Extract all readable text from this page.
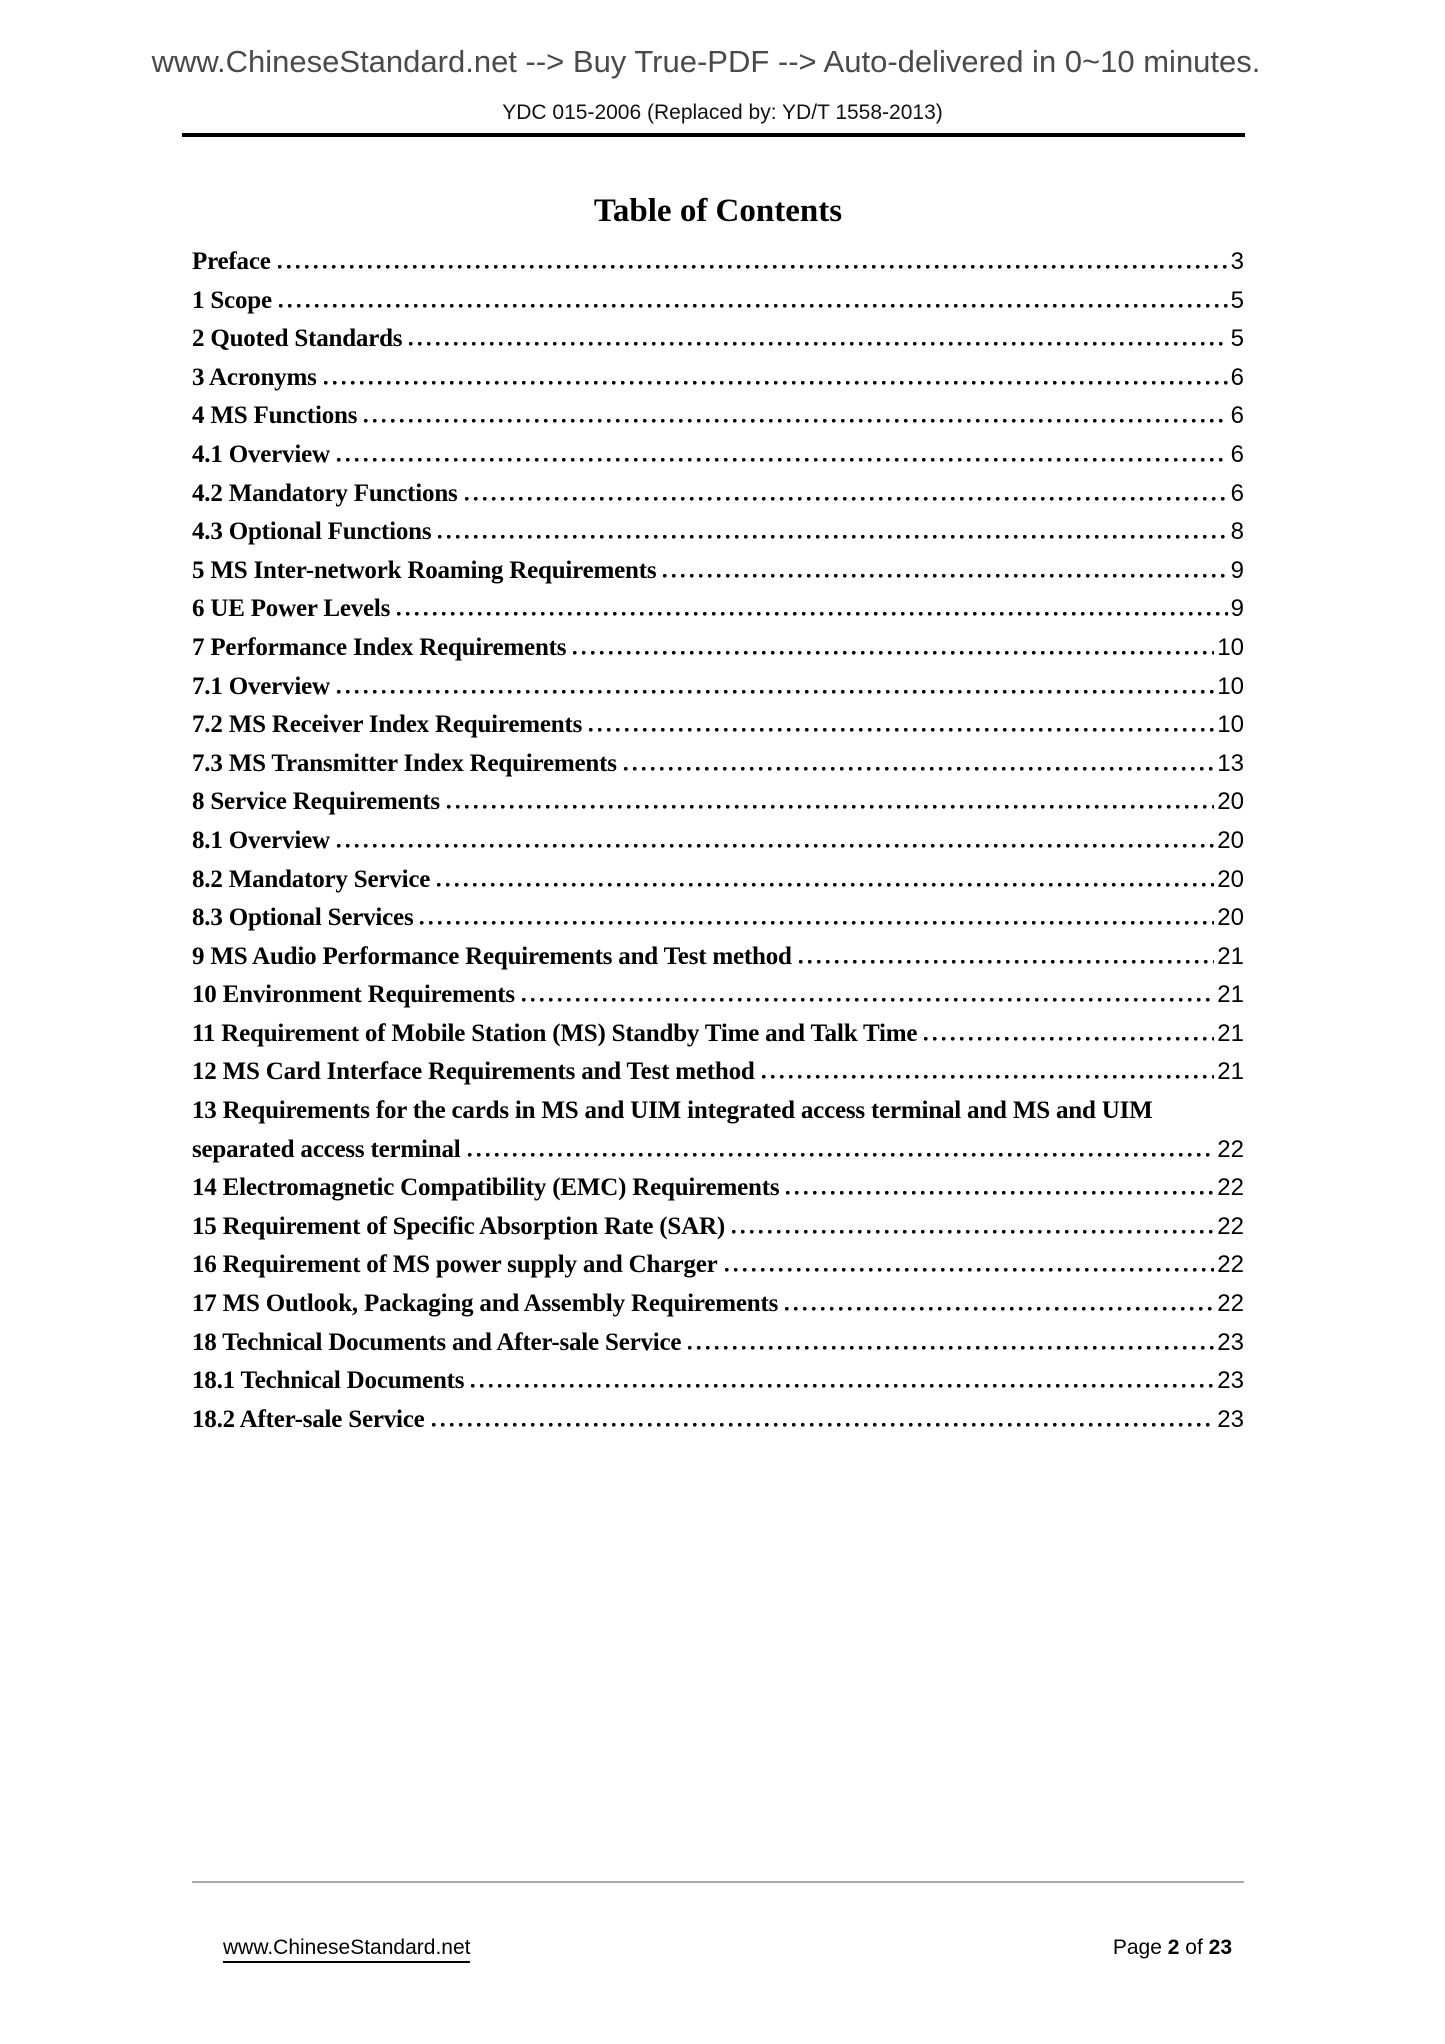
www.ChineseStandard.net --> Buy True-PDF --> Auto-delivered in 0~10 minutes.
YDC 015-2006 (Replaced by: YD/T 1558-2013)
Table of Contents
Preface	3
1 Scope	5
2 Quoted Standards	5
3 Acronyms	6
4 MS Functions	6
4.1 Overview	6
4.2 Mandatory Functions	6
4.3 Optional Functions	8
5 MS Inter-network Roaming Requirements	9
6 UE Power Levels	9
7 Performance Index Requirements	10
7.1 Overview	10
7.2 MS Receiver Index Requirements	10
7.3 MS Transmitter Index Requirements	13
8 Service Requirements	20
8.1 Overview	20
8.2 Mandatory Service	20
8.3 Optional Services	20
9 MS Audio Performance Requirements and Test method	21
10 Environment Requirements	21
11 Requirement of Mobile Station (MS) Standby Time and Talk Time	21
12 MS Card Interface Requirements and Test method	21
13 Requirements for the cards in MS and UIM integrated access terminal and MS and UIM
separated access terminal	22
14 Electromagnetic Compatibility (EMC) Requirements	22
15 Requirement of Specific Absorption Rate (SAR)	22
16 Requirement of MS power supply and Charger	22
17 MS Outlook, Packaging and Assembly Requirements	22
18 Technical Documents and After-sale Service	23
18.1 Technical Documents	23
18.2 After-sale Service	23
www.ChineseStandard.net	Page 2 of 23
